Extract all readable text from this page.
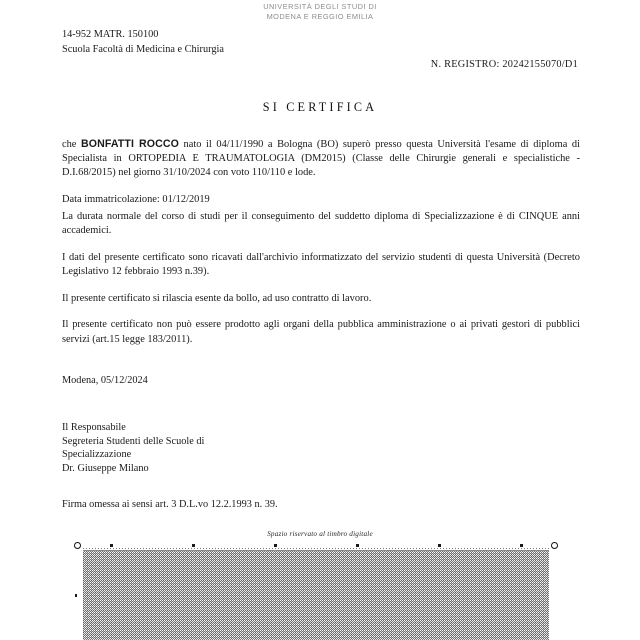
UNIVERSITÀ DEGLI STUDI DI
MODENA E REGGIO EMILIA
14-952 MATR. 150100
Scuola Facoltà di Medicina e Chirurgia
N. REGISTRO: 20242155070/D1
SI CERTIFICA

che BONFATTI ROCCO nato il 04/11/1990 a Bologna (BO) superò presso questa Università l'esame di diploma di Specialista in ORTOPEDIA E TRAUMATOLOGIA (DM2015) (Classe delle Chirurgie generali e specialistiche - D.I.68/2015) nel giorno 31/10/2024 con voto 110/110 e lode.

Data immatricolazione: 01/12/2019

La durata normale del corso di studi per il conseguimento del suddetto diploma di Specializzazione è di CINQUE anni accademici.

I dati del presente certificato sono ricavati dall'archivio informatizzato del servizio studenti di questa Università (Decreto Legislativo 12 febbraio 1993 n.39).

Il presente certificato si rilascia esente da bollo, ad uso contratto di lavoro.

Il presente certificato non può essere prodotto agli organi della pubblica amministrazione o ai privati gestori di pubblici servizi (art.15 legge 183/2011).

Modena, 05/12/2024
Il Responsabile
Segreteria Studenti delle Scuole di
Specializzazione
Dr. Giuseppe Milano
Firma omessa ai sensi art. 3 D.L.vo 12.2.1993 n. 39.
Spazio riservato al timbro digitale
